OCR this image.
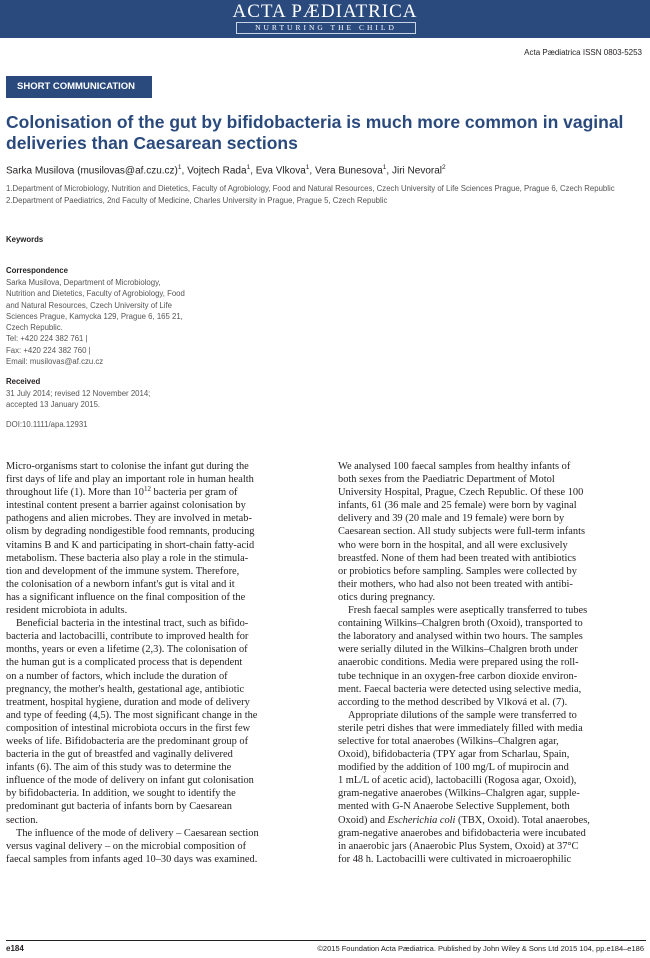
ACTA PÆDIATRICA
NURTURING THE CHILD
Acta Pædiatrica ISSN 0803-5253
SHORT COMMUNICATION
Colonisation of the gut by bifidobacteria is much more common in vaginal
deliveries than Caesarean sections
Sarka Musilova (musilovas@af.czu.cz)$^1$, Vojtech Rada$^1$, Eva Vlkova$^1$, Vera Bunesova$^1$, Jiri Nevoral$^2$
1.Department of Microbiology, Nutrition and Dietetics, Faculty of Agrobiology, Food and Natural Resources, Czech University of Life Sciences Prague, Prague 6, Czech Republic
2.Department of Paediatrics, 2nd Faculty of Medicine, Charles University in Prague, Prague 5, Czech Republic
Keywords
Correspondence
Sarka Musilova, Department of Microbiology,
Nutrition and Dietetics, Faculty of Agrobiology, Food
and Natural Resources, Czech University of Life
Sciences Prague, Kamycka 129, Prague 6, 165 21,
Czech Republic.
Tel: +420 224 382 761 |
Fax: +420 224 382 760 |
Email: musilovas@af.czu.cz
Received
31 July 2014; revised 12 November 2014;
accepted 13 January 2015.
DOI:10.1111/apa.12931
Micro-organisms start to colonise the infant gut during the
first days of life and play an important role in human health
throughout life (1). More than $10^{12}$ bacteria per gram of
intestinal content present a barrier against colonisation by
pathogens and alien microbes. They are involved in metab-
olism by degrading nondigestible food remnants, producing
vitamins B and K and participating in short-chain fatty-acid
metabolism. These bacteria also play a role in the stimula-
tion and development of the immune system. Therefore,
the colonisation of a newborn infant's gut is vital and it
has a significant influence on the final composition of the
resident microbiota in adults.
Beneficial bacteria in the intestinal tract, such as bifido-
bacteria and lactobacilli, contribute to improved health for
months, years or even a lifetime (2,3). The colonisation of
the human gut is a complicated process that is dependent
on a number of factors, which include the duration of
pregnancy, the mother's health, gestational age, antibiotic
treatment, hospital hygiene, duration and mode of delivery
and type of feeding (4,5). The most significant change in the
composition of intestinal microbiota occurs in the first few
weeks of life. Bifidobacteria are the predominant group of
bacteria in the gut of breastfed and vaginally delivered
infants (6). The aim of this study was to determine the
influence of the mode of delivery on infant gut colonisation
by bifidobacteria. In addition, we sought to identify the
predominant gut bacteria of infants born by Caesarean
section.
The influence of the mode of delivery – Caesarean section
versus vaginal delivery – on the microbial composition of
faecal samples from infants aged 10–30 days was examined.
We analysed 100 faecal samples from healthy infants of
both sexes from the Paediatric Department of Motol
University Hospital, Prague, Czech Republic. Of these 100
infants, 61 (36 male and 25 female) were born by vaginal
delivery and 39 (20 male and 19 female) were born by
Caesarean section. All study subjects were full-term infants
who were born in the hospital, and all were exclusively
breastfed. None of them had been treated with antibiotics
or probiotics before sampling. Samples were collected by
their mothers, who had also not been treated with antibi-
otics during pregnancy.
Fresh faecal samples were aseptically transferred to tubes
containing Wilkins–Chalgren broth (Oxoid), transported to
the laboratory and analysed within two hours. The samples
were serially diluted in the Wilkins–Chalgren broth under
anaerobic conditions. Media were prepared using the roll-
tube technique in an oxygen-free carbon dioxide environ-
ment. Faecal bacteria were detected using selective media,
according to the method described by Vlková et al. (7).
Appropriate dilutions of the sample were transferred to
sterile petri dishes that were immediately filled with media
selective for total anaerobes (Wilkins–Chalgren agar,
Oxoid), bifidobacteria (TPY agar from Scharlau, Spain,
modified by the addition of 100 mg/L of mupirocin and
1 mL/L of acetic acid), lactobacilli (Rogosa agar, Oxoid),
gram-negative anaerobes (Wilkins–Chalgren agar, supple-
mented with G-N Anaerobe Selective Supplement, both
Oxoid) and Escherichia coli (TBX, Oxoid). Total anaerobes,
gram-negative anaerobes and bifidobacteria were incubated
in anaerobic jars (Anaerobic Plus System, Oxoid) at 37°C
for 48 h. Lactobacilli were cultivated in microaerophilic
e184	©2015 Foundation Acta Pædiatrica. Published by John Wiley & Sons Ltd 2015 104, pp.e184–e186
